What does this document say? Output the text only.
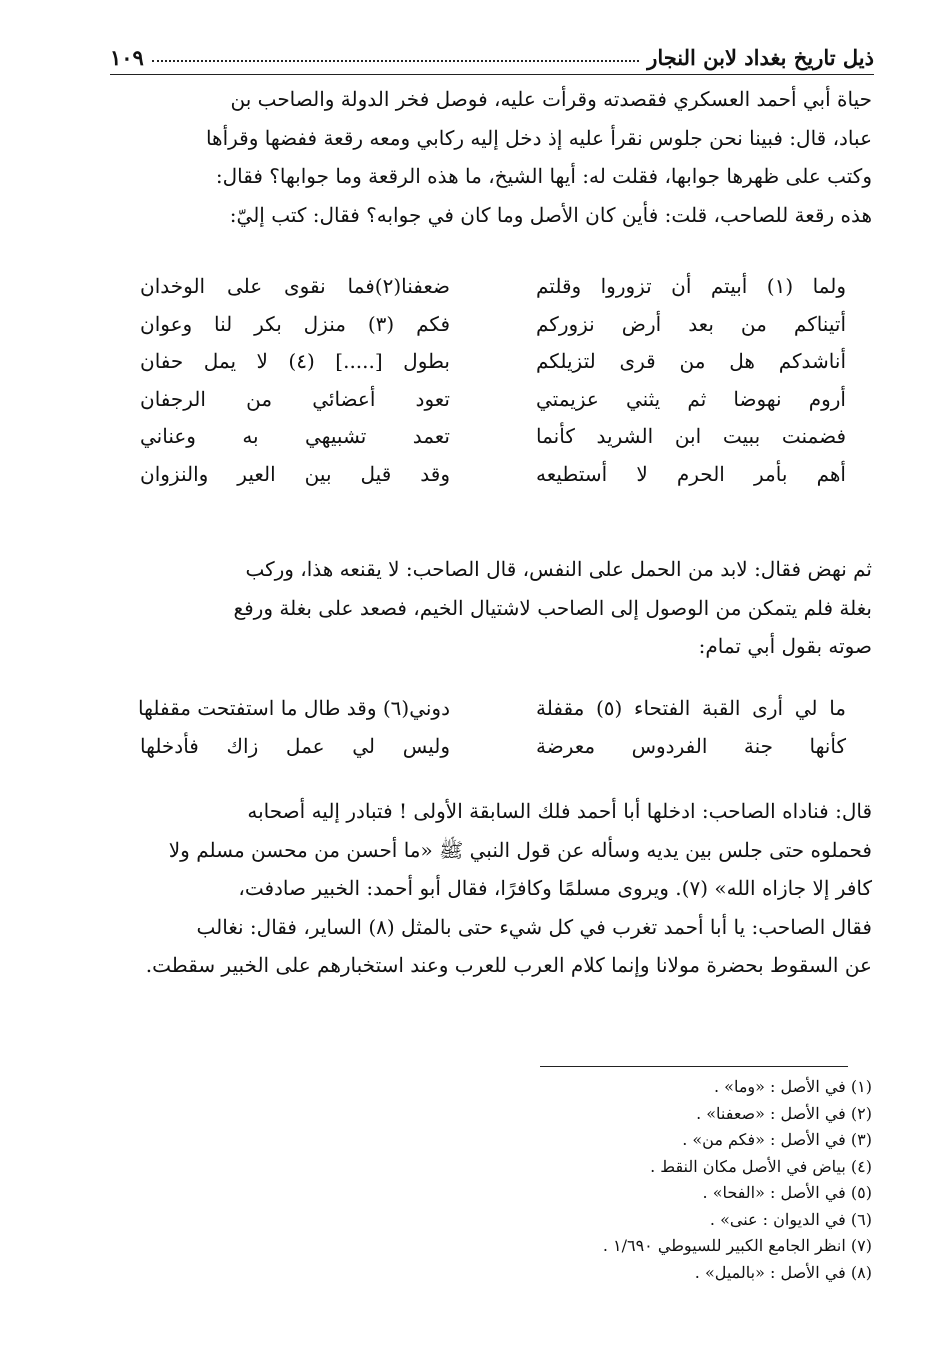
ذيل تاريخ بغداد لابن النجار
١٠٩

حياة أبي أحمد العسكري فقصدته وقرأت عليه، فوصل فخر الدولة والصاحب بن

عباد، قال: فبينا نحن جلوس نقرأ عليه إذ دخل إليه ركابي ومعه رقعة ففضها وقرأها

وكتب على ظهرها جوابها، فقلت له: أيها الشيخ، ما هذه الرقعة وما جوابها؟ فقال:

هذه رقعة للصاحب، قلت: فأين كان الأصل وما كان في جوابه؟ فقال: كتب إليّ:

ولما (١) أبيتم أن تزوروا وقلتم
ضعفنا(٢)فما نقوى على الوخدان
أتيناكم من بعد أرض نزوركم
فكم (٣) منزل بكر لنا وعوان
أناشدكم هل من قرى لتزيلكم
بطول [.....] (٤) لا يمل حفان
أروم نهوضا ثم يثني عزيمتي
تعود أعضائي من الرجفان
فضمنت ببيت ابن الشريد كأنما
تعمد تشبيهي به وعناني
أهم بأمر الحرم لا أستطيعه
وقد قيل بين العير والنزوان

ثم نهض فقال: لابد من الحمل على النفس، قال الصاحب: لا يقنعه هذا، وركب

بغلة فلم يتمكن من الوصول إلى الصاحب لاشتيال الخيم، فصعد على بغلة ورفع

صوته بقول أبي تمام:

ما لي أرى القبة الفتحاء (٥) مقفلة
دوني(٦) وقد طال ما استفتحت مقفلها
كأنها جنة الفردوس معرضة
وليس لي عمل زاك فأدخلها

قال: فناداه الصاحب: ادخلها أبا أحمد فلك السابقة الأولى ! فتبادر إليه أصحابه

فحملوه حتى جلس بين يديه وسأله عن قول النبي ﷺ «ما أحسن من محسن مسلم ولا

كافر إلا جازاه الله» (٧). ويروى مسلمًا وكافرًا، فقال أبو أحمد: الخبير صادفت،

فقال الصاحب: يا أبا أحمد تغرب في كل شيء حتى بالمثل (٨) الساير، فقال: نغالب

عن السقوط بحضرة مولانا وإنما كلام العرب للعرب وعند استخبارهم على الخبير سقطت.

(١) في الأصل : «وما» .
(٢) في الأصل : «صعفنا» .
(٣) في الأصل : «فكم من» .
(٤) بياض في الأصل مكان النقط .
(٥) في الأصل : «الفحا» .
(٦) في الديوان : عنى» .
(٧) انظر الجامع الكبير للسيوطي ١/٦٩٠ .
(٨) في الأصل : «بالميل» .
